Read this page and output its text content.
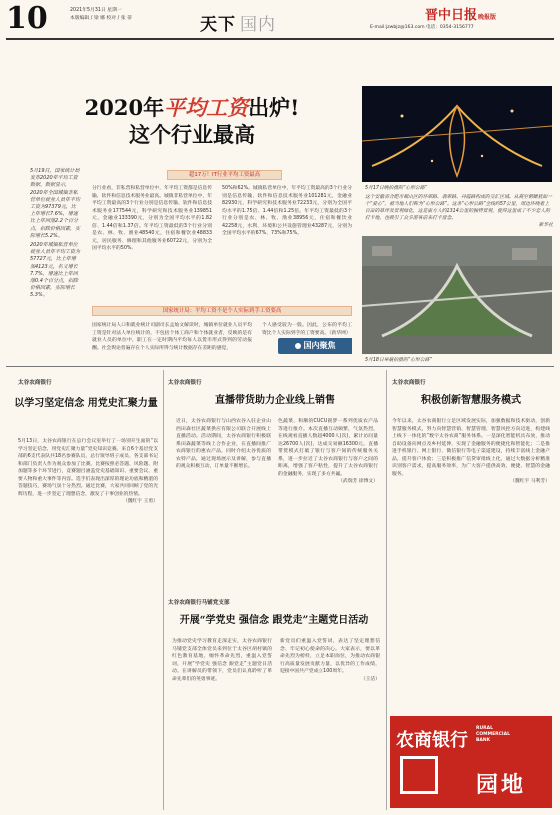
10	2021年5月31日 星期一
本版编辑 / 梁 娜 校对 / 张 蒂	天下 国内	晋中日报晚报版
E-mail:jzwbjz@163.com 电话：0354-3156777
2020年平均工资出炉!
这个行业最高

5月19日，国家统计局发布2020年平均工资数据。数据显示，2020年全国城镇非私营单位就业人员年平均工资为97379元，比上年增长7.6%，增速比上年回落2.2个百分点，扣除价格因素，实际增长5.2%。

2020年城镇私营单位就业人员年平均工资为57727元，比上年增加4123元，名义增长7.7%，增速比上年回落0.4个百分点，扣除价格因素，实际增长5.3%。

超17万！IT行业平均工资最高
分行业看，非私营和私营单位中，年平均工资都是信息传输、软件和信息技术服务业最高。城镇非私营单位中，年平均工资最高的3个行业分别是信息传输、软件和信息技术服务业177544元，科学研究和技术服务业139851元，金融业133390元，分别为全国平均水平的1.82倍、1.44倍和1.37倍。年平均工资最低的3个行业分别是农、林、牧、渔业48540元，住宿和餐饮业48833元，居民服务、修理和其他服务业60722元，分别为全国平均水平的50%、
50%和62%。城镇私营单位中，年平均工资最高的3个行业分别是信息传输、软件和信息技术服务业101281元，金融业82930元，科学研究和技术服务业72233元，分别为全国平均水平的1.75倍、1.44倍和1.25倍。年平均工资最低的3个行业分别是农、林、牧、渔业38956元，住宿和餐饮业42258元，水利、环境和公共设施管理业43287元，分别为全国平均水平的67%、73%和75%。
国家统计局：平均工资不是个人实际到手工资要高
国家统计局人口和就业统计司副司长孟灿文解读时，城镇单位就业人员平均工资是针对法人单位统计的，不包括个体工商户和个体就业者，反映的是有就业人员的单位中，职工在一定时期内平均每人以货币形式得到的劳动报酬。社会舆论普遍存在个人实际所得与统计数据存在差距的感觉，
个人感受较为一般。因此，公布的平均工资比个人实际到手的工资要高。（新华网）
国内聚焦
5月17日晚拍摄的“心形公路”
这个安徽省合肥市蜀山区的环翠路、翡翠路、丹霞路构成的交汇区域。从高空俯瞰犹如一个“爱心”，被当地人们称为“心形公路”。这条“心形公路”全线约57公里，周边环绕着上百亩的草坪及景观绿化，这是南方人约1314公里的独特景观，使得这里成了不少恋人的打卡地，也吸引了众多游客前来打卡留念。
新华社
5月18日早晨拍摄的“心形公路”
太谷农商银行
以学习坚定信念 用党史汇聚力量
5月13日，太谷农商银行在总行会议室举行了一场别开生面的“以学习坚定信念，用党史汇聚力量”党史知识竞赛。来自6个基层党支部的6支代表队共18名参赛队员，总行领导班子成员、各支部书记和部门负责人作为观众参加了比赛。比赛按照必答题、风险题、附加题等多个环节进行，竞赛题目涵盖党史基础知识、重要会议、重要人物和重大事件等内容。选手们表现出深厚的理论功底和精湛的答题技巧，赛场气氛十分热烈。通过比赛，大家共同回顾了党的光辉历程，进一步坚定了理想信念，激发了干事创业的热情。
（魏红宇 王勇）
太谷农商银行
直播带货助力企业线上销售
近日，太谷农商银行与山西农谷入驻企业山西田森社区蔬菜供应有限公司联合开展线上直播活动。活动期间，太谷农商银行积极联系田森蔬菜等线上合作企业，在直播间推广农商银行的惠农产品，同时介绍太谷优质的农特产品，通过现场展示及讲解，参与直播的观众积极互动，订单量不断增长。
色蔬菜、和顺的CUCU圆梦一系列优质农产品等进行推介。本次直播互动频繁，气氛热烈，在线观看直播人数超4000人(次)，累计访问量达26700人(次)，达成交易额16300元。直播带货模式打破了银行与客户间的传统服务关系，进一步拉近了太谷农商银行与客户之间的距离，增强了客户粘性，提升了太谷农商银行的金融服务，实现了多方共赢。
（武瑞芳 徐博文）
太谷农商银行马铺党支部
开展“学党史 强信念 跟党走”主题党日活动
为推动党史学习教育走深走实，太谷农商银行马铺党支部全体党员来到位于太谷区胡村镇的红色教育基地，缅怀革命先烈，重温入党誓词，开展“学党史 强信念 跟党走”主题党日活动。在讲解员的带领下，党员们认真聆听了革命先辈们的英勇事迹。
新党员们重温入党誓词，表达了坚定理想信念、牢记初心使命的决心。大家表示，要以革命先烈为榜样，立足本职岗位，为推动农商银行高质量发展贡献力量，以优异的工作成绩，迎接中国共产党成立100周年。
（王洁）
太谷农商银行
积极创新智慧服务模式
今年以来，太谷农商银行立足区域发展实际，加强数据和技术驱动，创新智慧服务模式，努力向智慧营销、智慧管理、智慧风控方向迈进，构建线上线下一体化的“数字太谷农商”服务体系。一是深化智能机具布放，推动自助设备向网点及乡村延伸，实现了金融服务的便捷化和智能化；二是推进手机银行、网上银行、微信银行等电子渠道建设，持续丰富线上金融产品，提升客户体验；三是积极推广信贷审批线上化，通过大数据分析精准识别客户需求，提高服务效率，为广大客户提供高效、便捷、智慧的金融服务。
（魏红宇 马利芳）
农商银行
RURAL
COMMERCIAL
BANK
园地
